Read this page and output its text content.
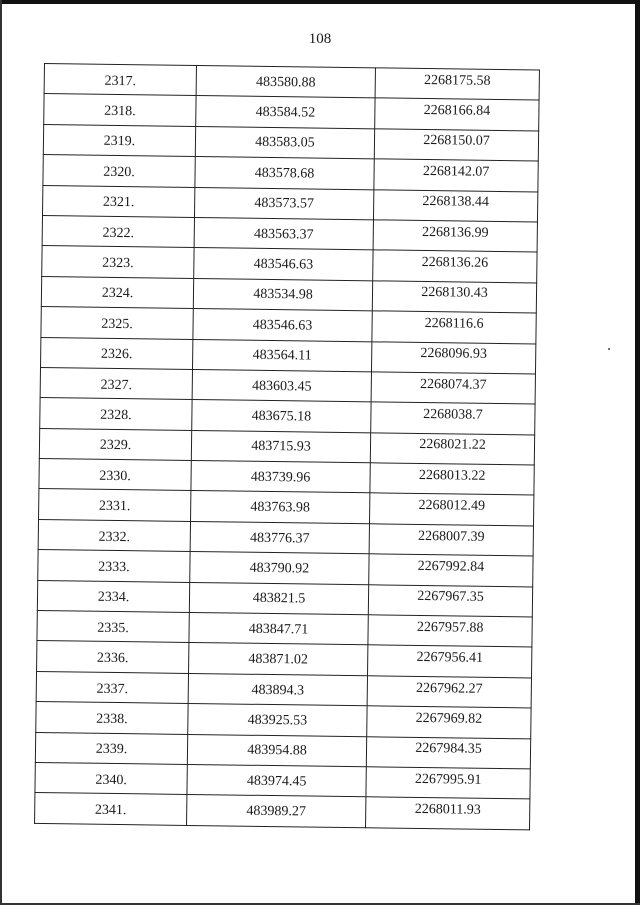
108
2317.	483580.88	2268175.58
2318.	483584.52	2268166.84
2319.	483583.05	2268150.07
2320.	483578.68	2268142.07
2321.	483573.57	2268138.44
2322.	483563.37	2268136.99
2323.	483546.63	2268136.26
2324.	483534.98	2268130.43
2325.	483546.63	2268116.6
2326.	483564.11	2268096.93
2327.	483603.45	2268074.37
2328.	483675.18	2268038.7
2329.	483715.93	2268021.22
2330.	483739.96	2268013.22
2331.	483763.98	2268012.49
2332.	483776.37	2268007.39
2333.	483790.92	2267992.84
2334.	483821.5	2267967.35
2335.	483847.71	2267957.88
2336.	483871.02	2267956.41
2337.	483894.3	2267962.27
2338.	483925.53	2267969.82
2339.	483954.88	2267984.35
2340.	483974.45	2267995.91
2341.	483989.27	2268011.93
